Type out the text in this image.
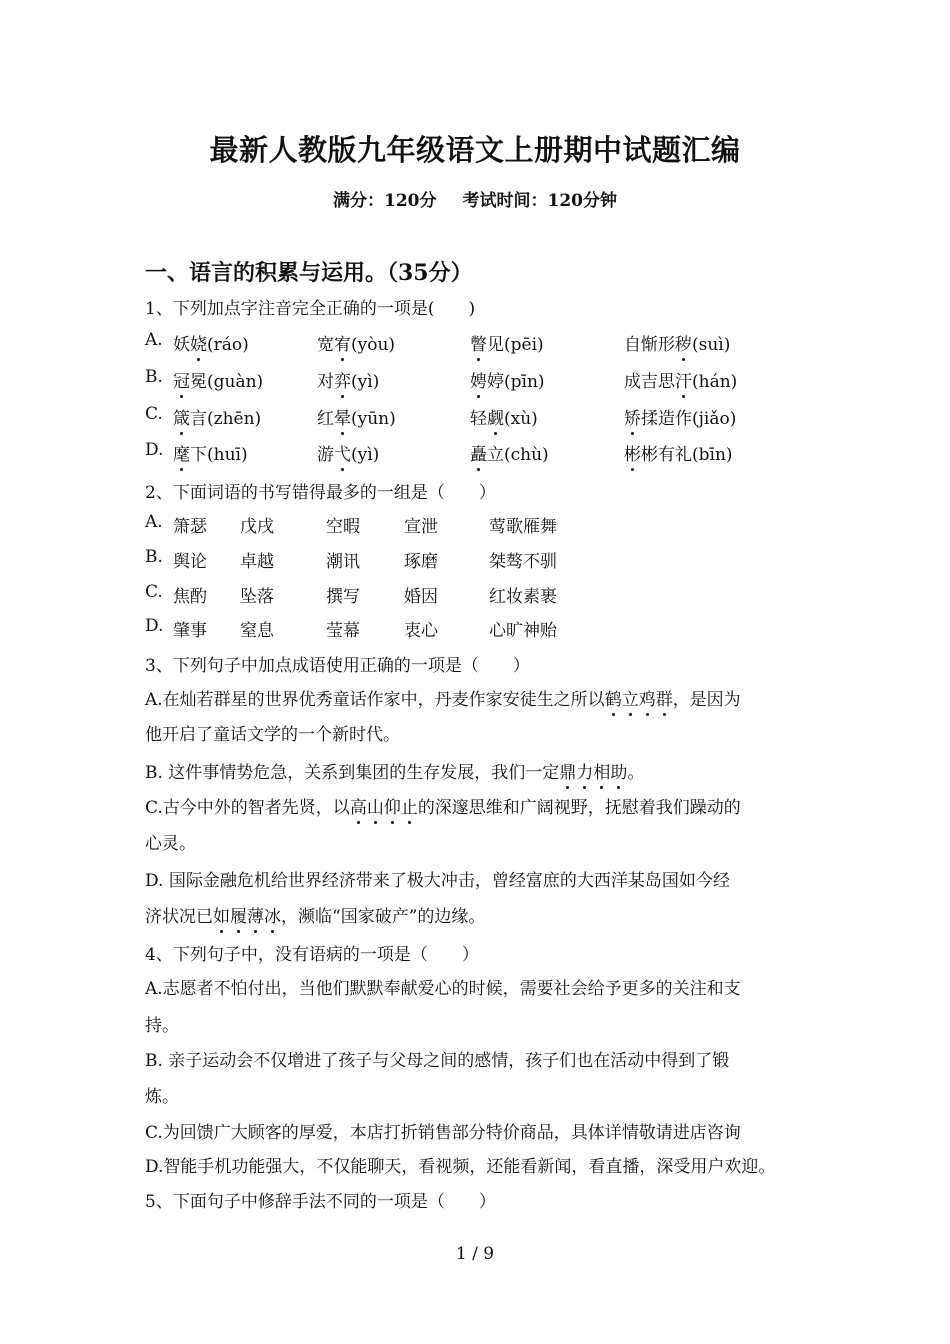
最新人教版九年级语文上册期中试题汇编
满分：120分 考试时间：120分钟
一、语言的积累与运用。（35分）
1、下列加点字注音完全正确的一项是(　　)
A. 妖娆(ráo)	宽宥(yòu)	瞥见(pēi)	自惭形秽(suì)
B. 冠冕(guàn)	对弈(yì)	娉婷(pīn)	成吉思汗(hán)
C. 箴言(zhēn)	红晕(yūn)	轻觑(xù)	矫揉造作(jiǎo)
D. 麾下(huī)	游弋(yì)	矗立(chù)	彬彬有礼(bīn)
2、下面词语的书写错得最多的一组是（　　）
A. 箫瑟 戊戌	空暇	宣泄	莺歌雁舞
B. 舆论 卓越	潮讯	琢磨	桀骜不驯
C. 焦酌 坠落	撰写	婚因	红妆素裹
D. 肇事 窒息	莹幕	衷心	心旷神贻
3、下列句子中加点成语使用正确的一项是（　　）
A.在灿若群星的世界优秀童话作家中，丹麦作家安徒生之所以鹤立鸡群，是因为
他开启了童话文学的一个新时代。
B. 这件事情势危急，关系到集团的生存发展，我们一定鼎力相助。
C.古今中外的智者先贤，以高山仰止的深邃思维和广阔视野，抚慰着我们躁动的
心灵。
D. 国际金融危机给世界经济带来了极大冲击，曾经富庶的大西洋某岛国如今经
济状况已如履薄冰，濒临“国家破产”的边缘。
4、下列句子中，没有语病的一项是（　　）
A.志愿者不怕付出，当他们默默奉献爱心的时候，需要社会给予更多的关注和支
持。
B. 亲子运动会不仅增进了孩子与父母之间的感情，孩子们也在活动中得到了锻
炼。
C.为回馈广大顾客的厚爱，本店打折销售部分特价商品，具体详情敬请进店咨询
D.智能手机功能强大，不仅能聊天，看视频，还能看新闻，看直播，深受用户欢迎。
5、下面句子中修辞手法不同的一项是（　　）
1 / 9
